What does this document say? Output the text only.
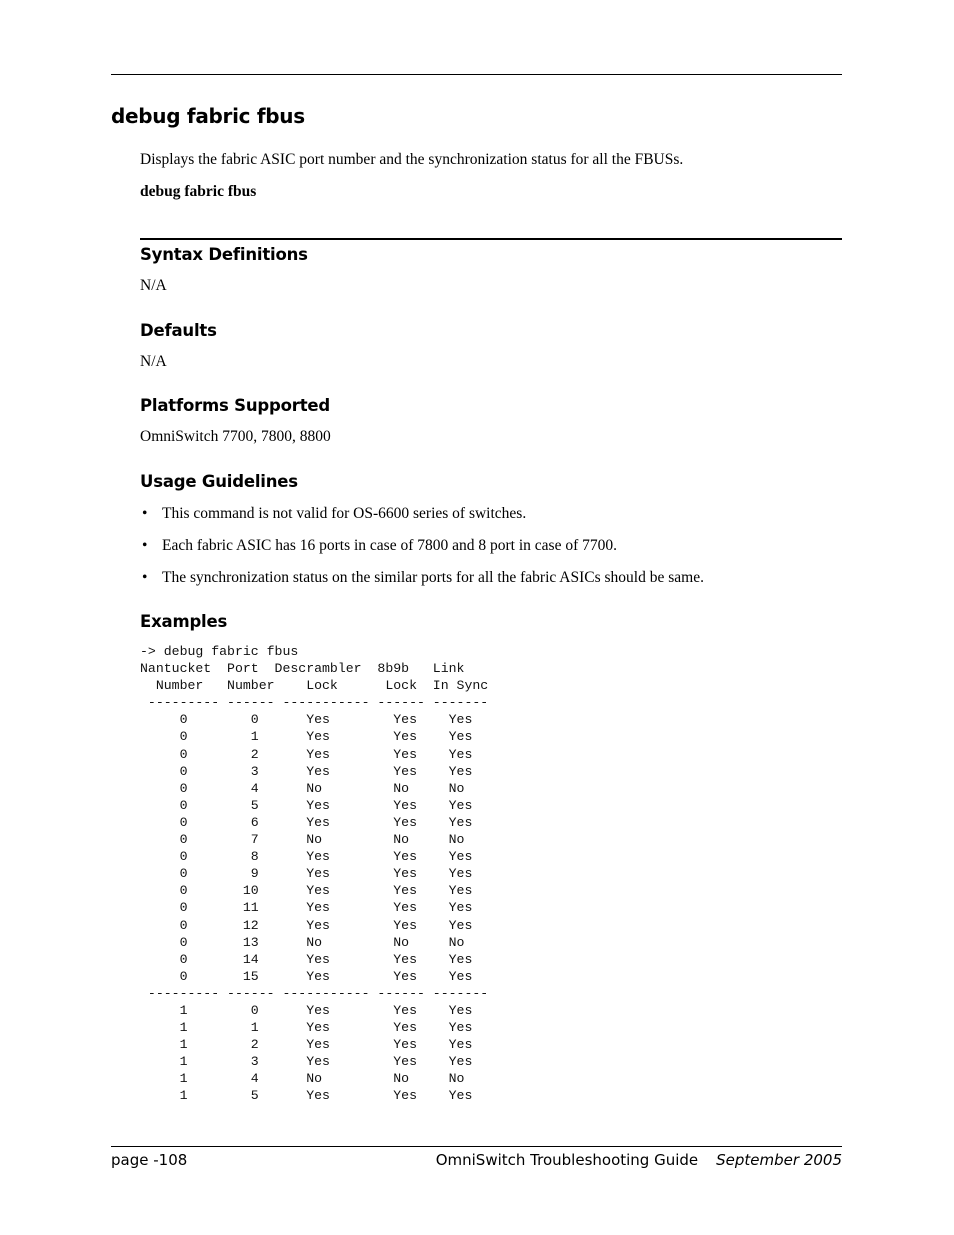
debug fabric fbus
Displays the fabric ASIC port number and the synchronization status for all the FBUSs.
debug fabric fbus
Syntax Definitions
N/A
Defaults
N/A
Platforms Supported
OmniSwitch 7700, 7800, 8800
Usage Guidelines
• This command is not valid for OS-6600 series of switches.
• Each fabric ASIC has 16 ports in case of 7800 and 8 port in case of 7700.
• The synchronization status on the similar ports for all the fabric ASICs should be same.
Examples
-> debug fabric fbus
Nantucket  Port  Descrambler  8b9b   Link
Number   Number    Lock      Lock  In Sync
--------- ------ ----------- ------ -------
0        0      Yes        Yes    Yes
0        1      Yes        Yes    Yes
0        2      Yes        Yes    Yes
0        3      Yes        Yes    Yes
0        4      No         No     No
0        5      Yes        Yes    Yes
0        6      Yes        Yes    Yes
0        7      No         No     No
0        8      Yes        Yes    Yes
0        9      Yes        Yes    Yes
0       10      Yes        Yes    Yes
0       11      Yes        Yes    Yes
0       12      Yes        Yes    Yes
0       13      No         No     No
0       14      Yes        Yes    Yes
0       15      Yes        Yes    Yes
--------- ------ ----------- ------ -------
1        0      Yes        Yes    Yes
1        1      Yes        Yes    Yes
1        2      Yes        Yes    Yes
1        3      Yes        Yes    Yes
1        4      No         No     No
1        5      Yes        Yes    Yes
page -108	OmniSwitch Troubleshooting Guide September 2005
